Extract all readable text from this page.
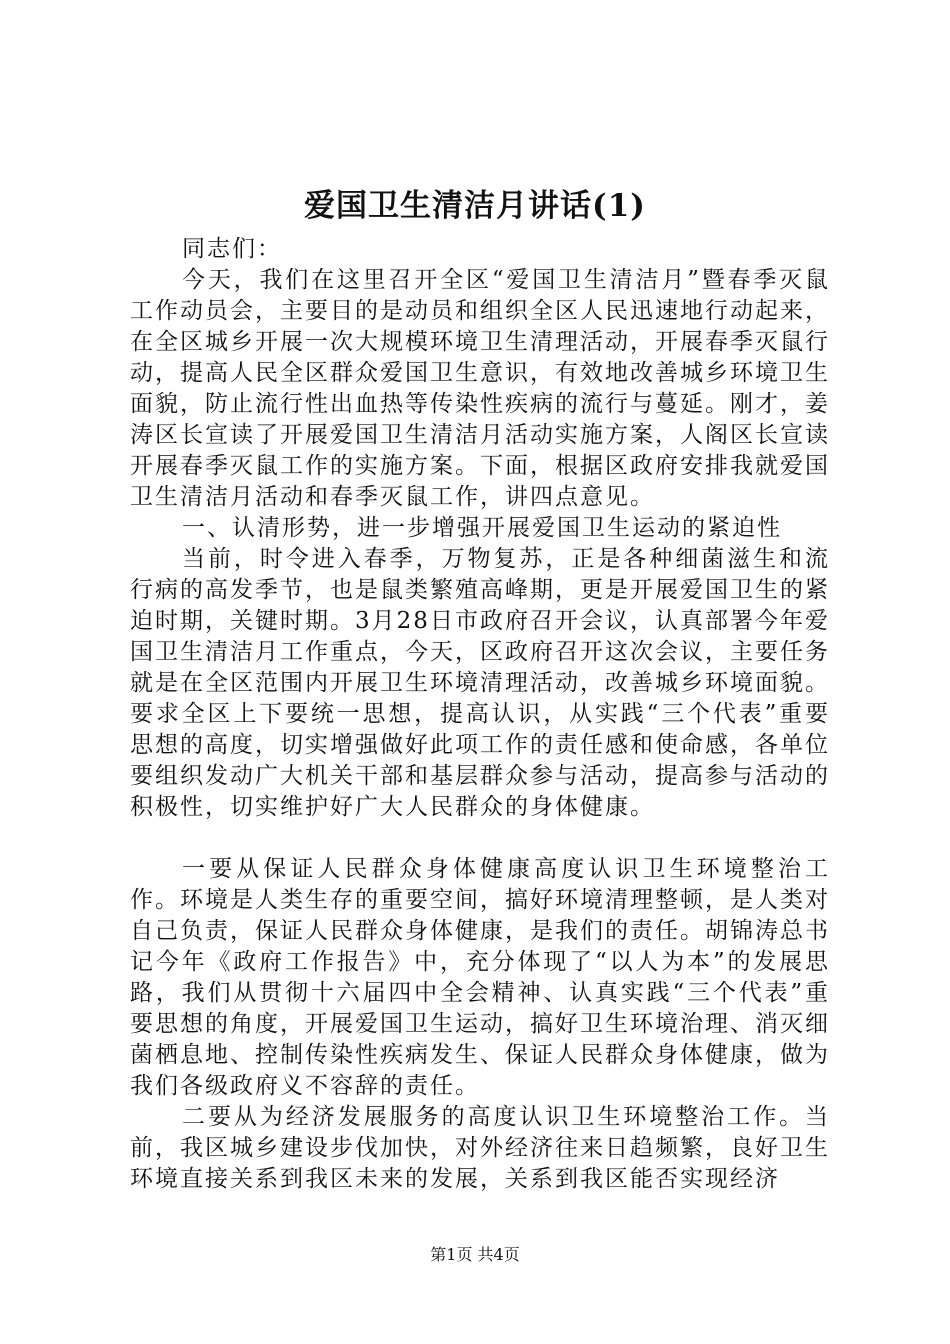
爱国卫生清洁月讲话(1)

同志们：

今天，我们在这里召开全区“爱国卫生清洁月”暨春季灭鼠工作动员会，主要目的是动员和组织全区人民迅速地行动起来，在全区城乡开展一次大规模环境卫生清理活动，开展春季灭鼠行动，提高人民全区群众爱国卫生意识，有效地改善城乡环境卫生面貌，防止流行性出血热等传染性疾病的流行与蔓延。刚才，姜涛区长宣读了开展爱国卫生清洁月活动实施方案，人阁区长宣读开展春季灭鼠工作的实施方案。下面，根据区政府安排我就爱国卫生清洁月活动和春季灭鼠工作，讲四点意见。

一、认清形势，进一步增强开展爱国卫生运动的紧迫性

当前，时令进入春季，万物复苏，正是各种细菌滋生和流行病的高发季节，也是鼠类繁殖高峰期，更是开展爱国卫生的紧迫时期，关键时期。3月28日市政府召开会议，认真部署今年爱国卫生清洁月工作重点，今天，区政府召开这次会议，主要任务就是在全区范围内开展卫生环境清理活动，改善城乡环境面貌。要求全区上下要统一思想，提高认识，从实践“三个代表”重要思想的高度，切实增强做好此项工作的责任感和使命感，各单位要组织发动广大机关干部和基层群众参与活动，提高参与活动的积极性，切实维护好广大人民群众的身体健康。

一要从保证人民群众身体健康高度认识卫生环境整治工作。环境是人类生存的重要空间，搞好环境清理整顿，是人类对自己负责，保证人民群众身体健康，是我们的责任。胡锦涛总书记今年《政府工作报告》中，充分体现了“以人为本”的发展思路，我们从贯彻十六届四中全会精神、认真实践“三个代表”重要思想的角度，开展爱国卫生运动，搞好卫生环境治理、消灭细菌栖息地、控制传染性疾病发生、保证人民群众身体健康，做为我们各级政府义不容辞的责任。

二要从为经济发展服务的高度认识卫生环境整治工作。当前，我区城乡建设步伐加快，对外经济往来日趋频繁，良好卫生环境直接关系到我区未来的发展，关系到我区能否实现经济

第1页 共4页
